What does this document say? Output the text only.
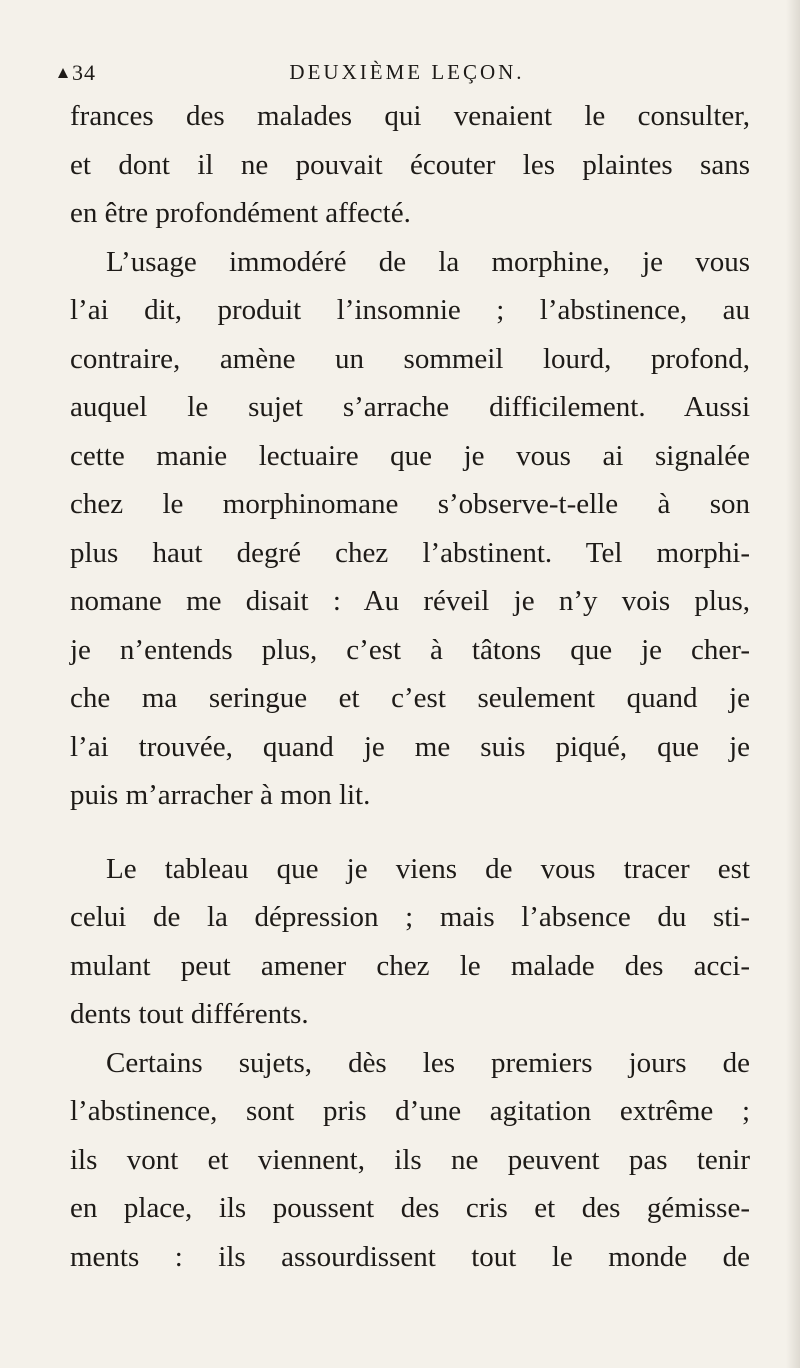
34	DEUXIÈME LEÇON.
frances des malades qui venaient le consulter,
et dont il ne pouvait écouter les plaintes sans
en être profondément affecté.
L’usage immodéré de la morphine, je vous
l’ai dit, produit l’insomnie ; l’abstinence, au
contraire, amène un sommeil lourd, profond,
auquel le sujet s’arrache difficilement. Aussi
cette manie lectuaire que je vous ai signalée
chez le morphinomane s’observe-t-elle à son
plus haut degré chez l’abstinent. Tel morphi-
nomane me disait : Au réveil je n’y vois plus,
je n’entends plus, c’est à tâtons que je cher-
che ma seringue et c’est seulement quand je
l’ai trouvée, quand je me suis piqué, que je
puis m’arracher à mon lit.
Le tableau que je viens de vous tracer est
celui de la dépression ; mais l’absence du sti-
mulant peut amener chez le malade des acci-
dents tout différents.
Certains sujets, dès les premiers jours de
l’abstinence, sont pris d’une agitation extrême ;
ils vont et viennent, ils ne peuvent pas tenir
en place, ils poussent des cris et des gémisse-
ments : ils assourdissent tout le monde de
